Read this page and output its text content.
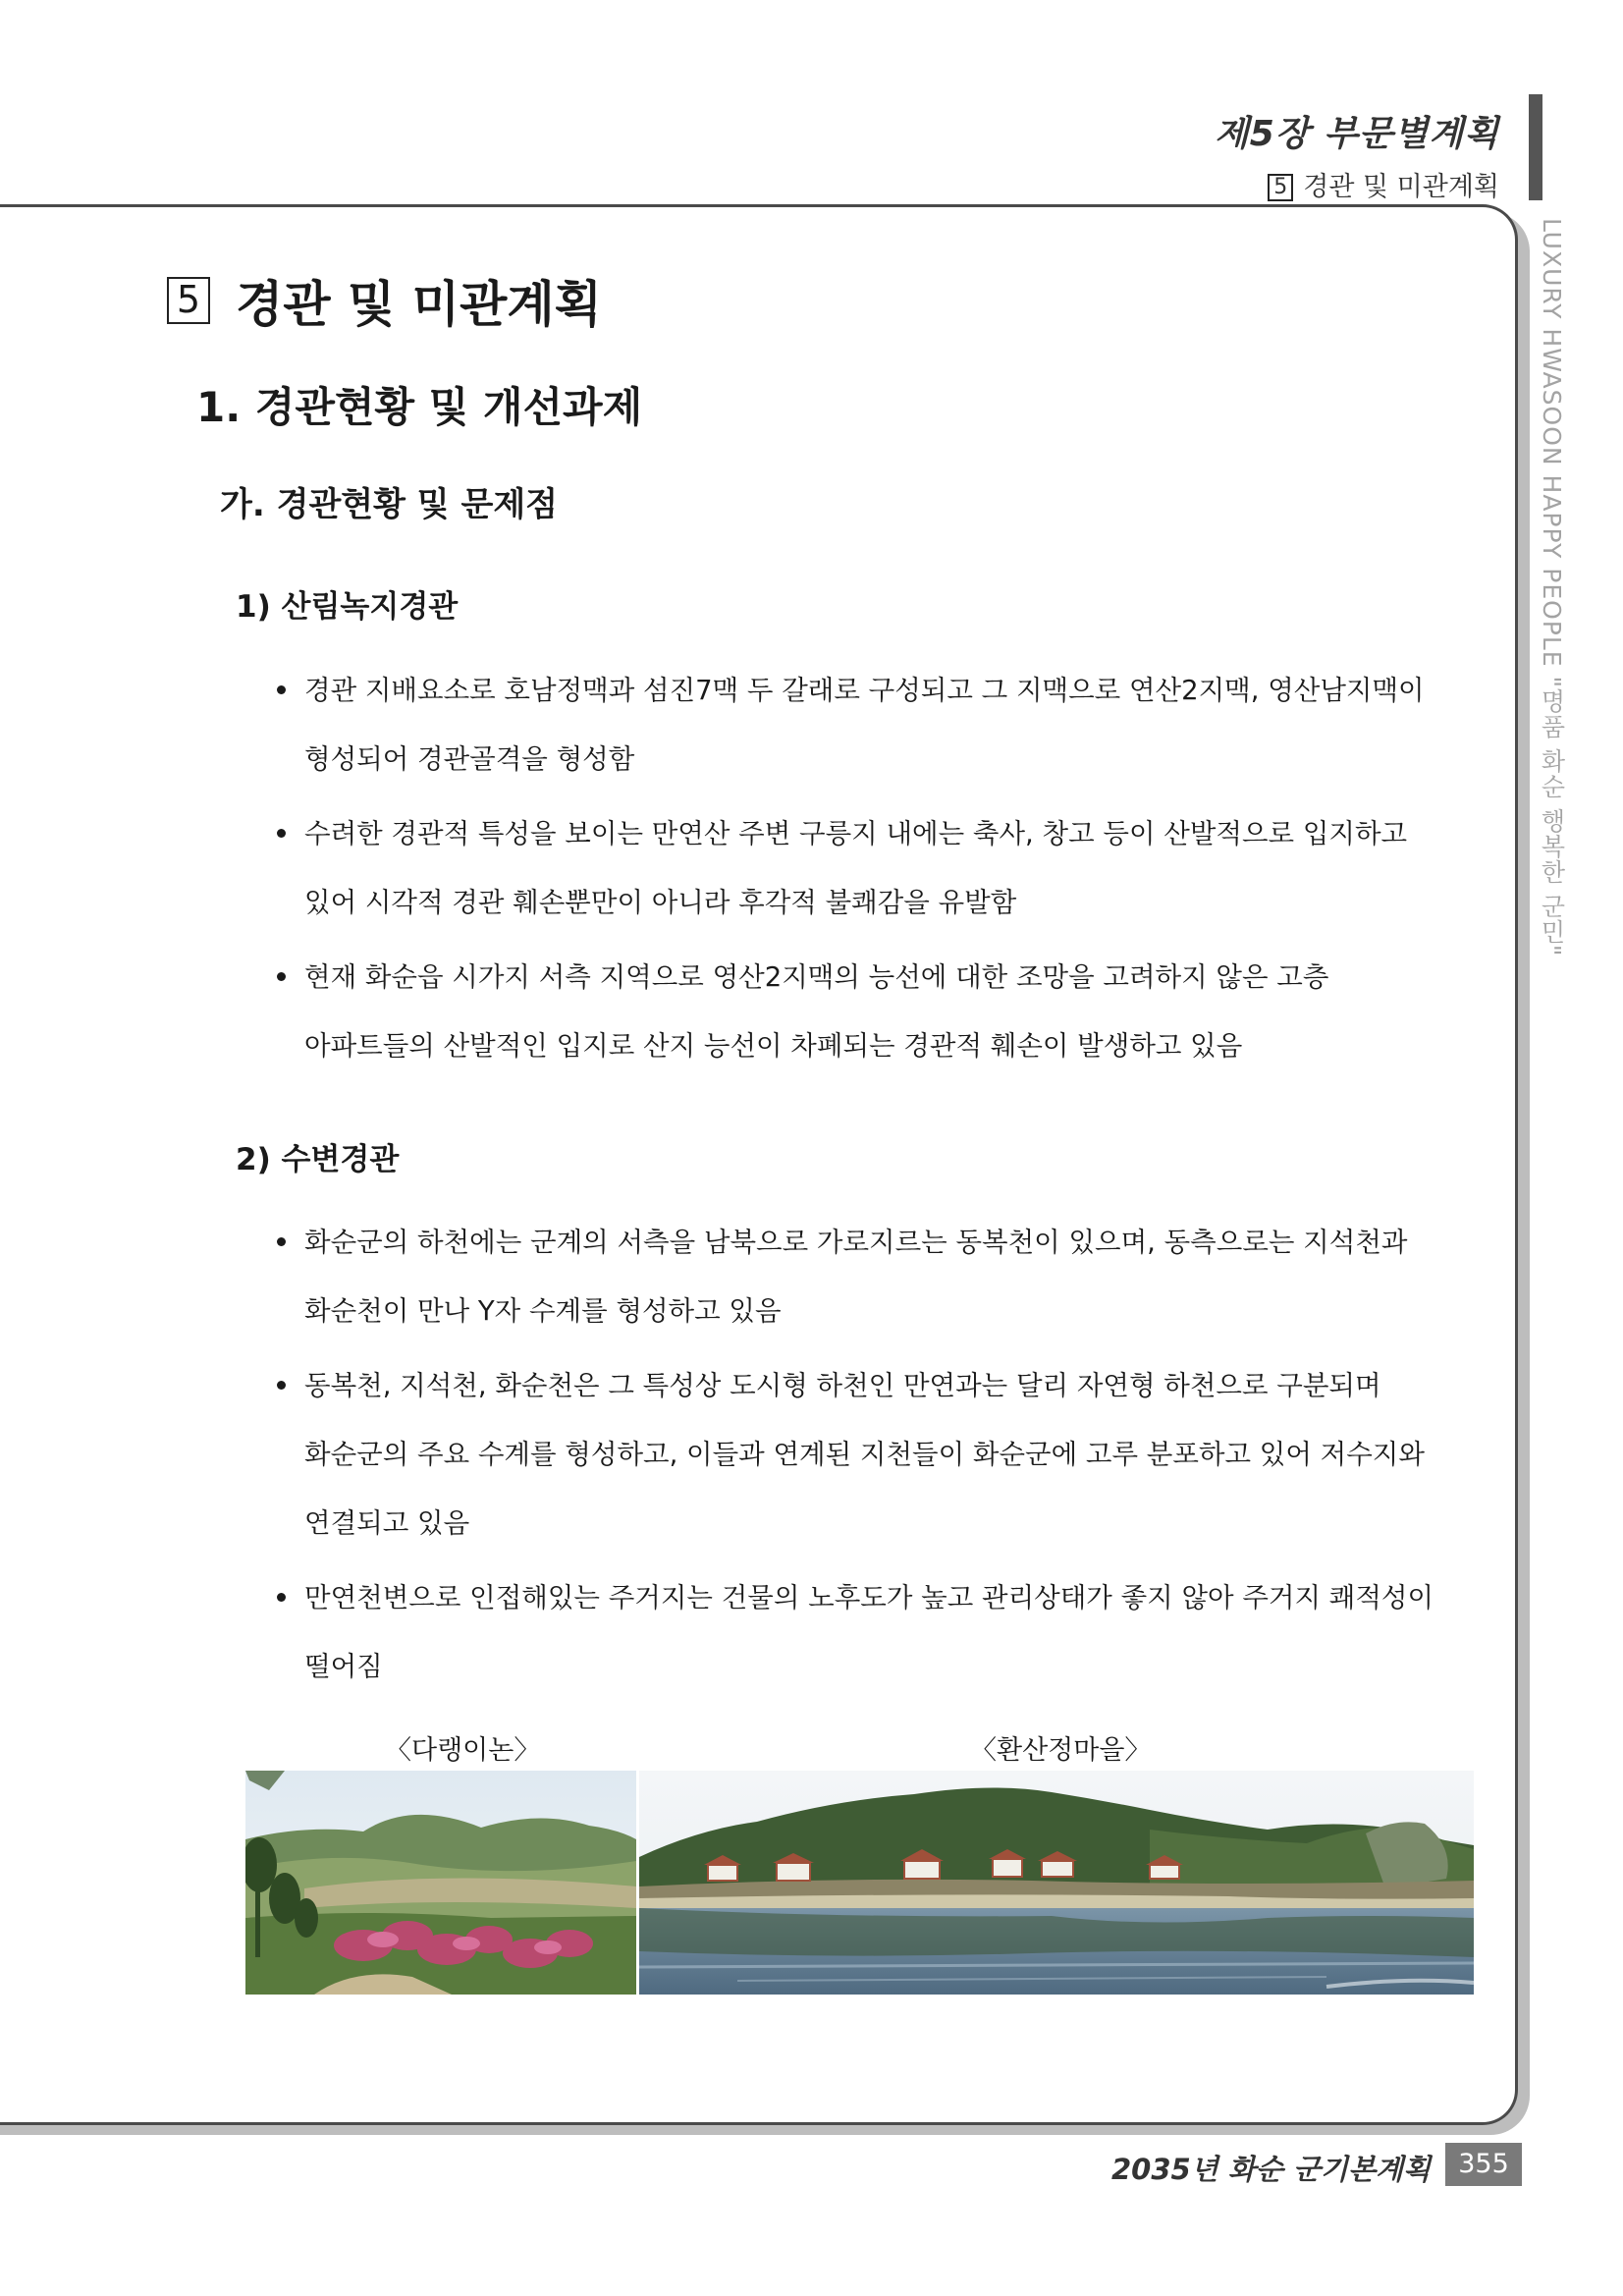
제5장 부문별계획
5 경관 및 미관계획
LUXURY HWASOON HAPPY PEOPLE "명품 화순 행복한 군민"
5 경관 및 미관계획
1. 경관현황 및 개선과제
가. 경관현황 및 문제점
1) 산림녹지경관
경관 지배요소로 호남정맥과 섬진7맥 두 갈래로 구성되고 그 지맥으로 연산2지맥, 영산남지맥이 형성되어 경관골격을 형성함
수려한 경관적 특성을 보이는 만연산 주변 구릉지 내에는 축사, 창고 등이 산발적으로 입지하고 있어 시각적 경관 훼손뿐만이 아니라 후각적 불쾌감을 유발함
현재 화순읍 시가지 서측 지역으로 영산2지맥의 능선에 대한 조망을 고려하지 않은 고층 아파트들의 산발적인 입지로 산지 능선이 차폐되는 경관적 훼손이 발생하고 있음
2) 수변경관
화순군의 하천에는 군계의 서측을 남북으로 가로지르는 동복천이 있으며, 동측으로는 지석천과 화순천이 만나 Y자 수계를 형성하고 있음
동복천, 지석천, 화순천은 그 특성상 도시형 하천인 만연과는 달리 자연형 하천으로 구분되며 화순군의 주요 수계를 형성하고, 이들과 연계된 지천들이 화순군에 고루 분포하고 있어 저수지와 연결되고 있음
만연천변으로 인접해있는 주거지는 건물의 노후도가 높고 관리상태가 좋지 않아 주거지 쾌적성이 떨어짐
〈다랭이논〉	〈환산정마을〉
2035년 화순 군기본계획	355
